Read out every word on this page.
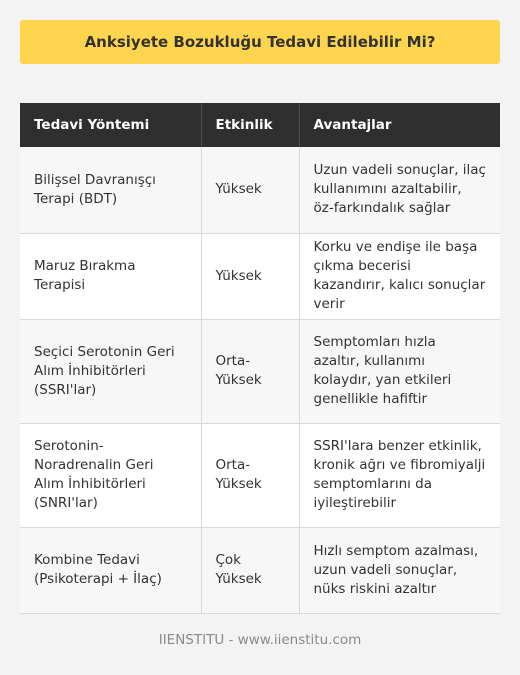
Anksiyete Bozukluğu Tedavi Edilebilir Mi?
Tedavi Yöntemi	Etkinlik	Avantajlar
Bilişsel Davranışçı Terapi (BDT)	Yüksek	Uzun vadeli sonuçlar, ilaç kullanımını azaltabilir, öz-farkındalık sağlar
Maruz Bırakma Terapisi	Yüksek	Korku ve endişe ile başa çıkma becerisi kazandırır, kalıcı sonuçlar verir
Seçici Serotonin Geri Alım İnhibitörleri (SSRI'lar)	Orta-Yüksek	Semptomları hızla azaltır, kullanımı kolaydır, yan etkileri genellikle hafiftir
Serotonin-Noradrenalin Geri Alım İnhibitörleri (SNRI'lar)	Orta-Yüksek	SSRI'lara benzer etkinlik, kronik ağrı ve fibromiyalji semptomlarını da iyileştirebilir
Kombine Tedavi (Psikoterapi + İlaç)	Çok Yüksek	Hızlı semptom azalması, uzun vadeli sonuçlar, nüks riskini azaltır
IIENSTITU - www.iienstitu.com
